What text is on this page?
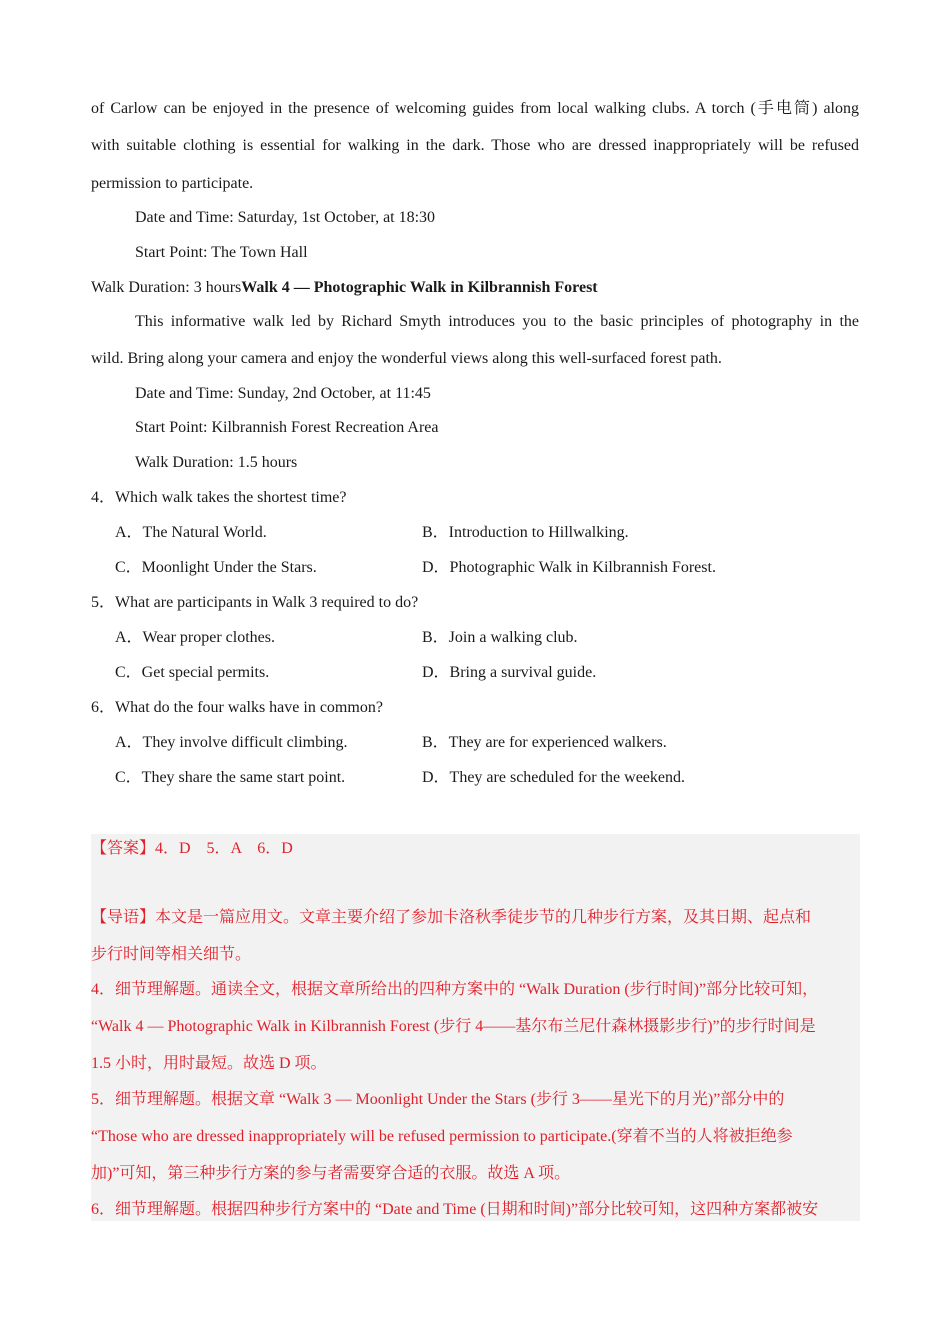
of Carlow can be enjoyed in the presence of welcoming guides from local walking clubs. A torch (手电筒) along
with suitable clothing is essential for walking in the dark. Those who are dressed inappropriately will be refused
permission to participate.
Date and Time: Saturday, 1st October, at 18:30
Start Point: The Town Hall
Walk Duration: 3 hoursWalk 4 — Photographic Walk in Kilbrannish Forest
This informative walk led by Richard Smyth introduces you to the basic principles of photography in the
wild. Bring along your camera and enjoy the wonderful views along this well-surfaced forest path.
Date and Time: Sunday, 2nd October, at 11:45
Start Point: Kilbrannish Forest Recreation Area
Walk Duration: 1.5 hours
4．Which walk takes the shortest time?
A．The Natural World.	B．Introduction to Hillwalking.
C．Moonlight Under the Stars.	D．Photographic Walk in Kilbrannish Forest.
5．What are participants in Walk 3 required to do?
A．Wear proper clothes.	B．Join a walking club.
C．Get special permits.	D．Bring a survival guide.
6．What do the four walks have in common?
A．They involve difficult climbing.	B．They are for experienced walkers.
C．They share the same start point.	D．They are scheduled for the weekend.
【答案】4．D　5．A　6．D
【导语】本文是一篇应用文。文章主要介绍了参加卡洛秋季徒步节的几种步行方案，及其日期、起点和
步行时间等相关细节。
4．细节理解题。通读全文，根据文章所给出的四种方案中的 “Walk Duration (步行时间)”部分比较可知，
“Walk 4 — Photographic Walk in Kilbrannish Forest (步行 4——基尔布兰尼什森林摄影步行)”的步行时间是
1.5 小时，用时最短。故选 D 项。
5．细节理解题。根据文章 “Walk 3 — Moonlight Under the Stars (步行 3——星光下的月光)”部分中的
“Those who are dressed inappropriately will be refused permission to participate.(穿着不当的人将被拒绝参
加)”可知，第三种步行方案的参与者需要穿合适的衣服。故选 A 项。
6．细节理解题。根据四种步行方案中的 “Date and Time (日期和时间)”部分比较可知，这四种方案都被安
